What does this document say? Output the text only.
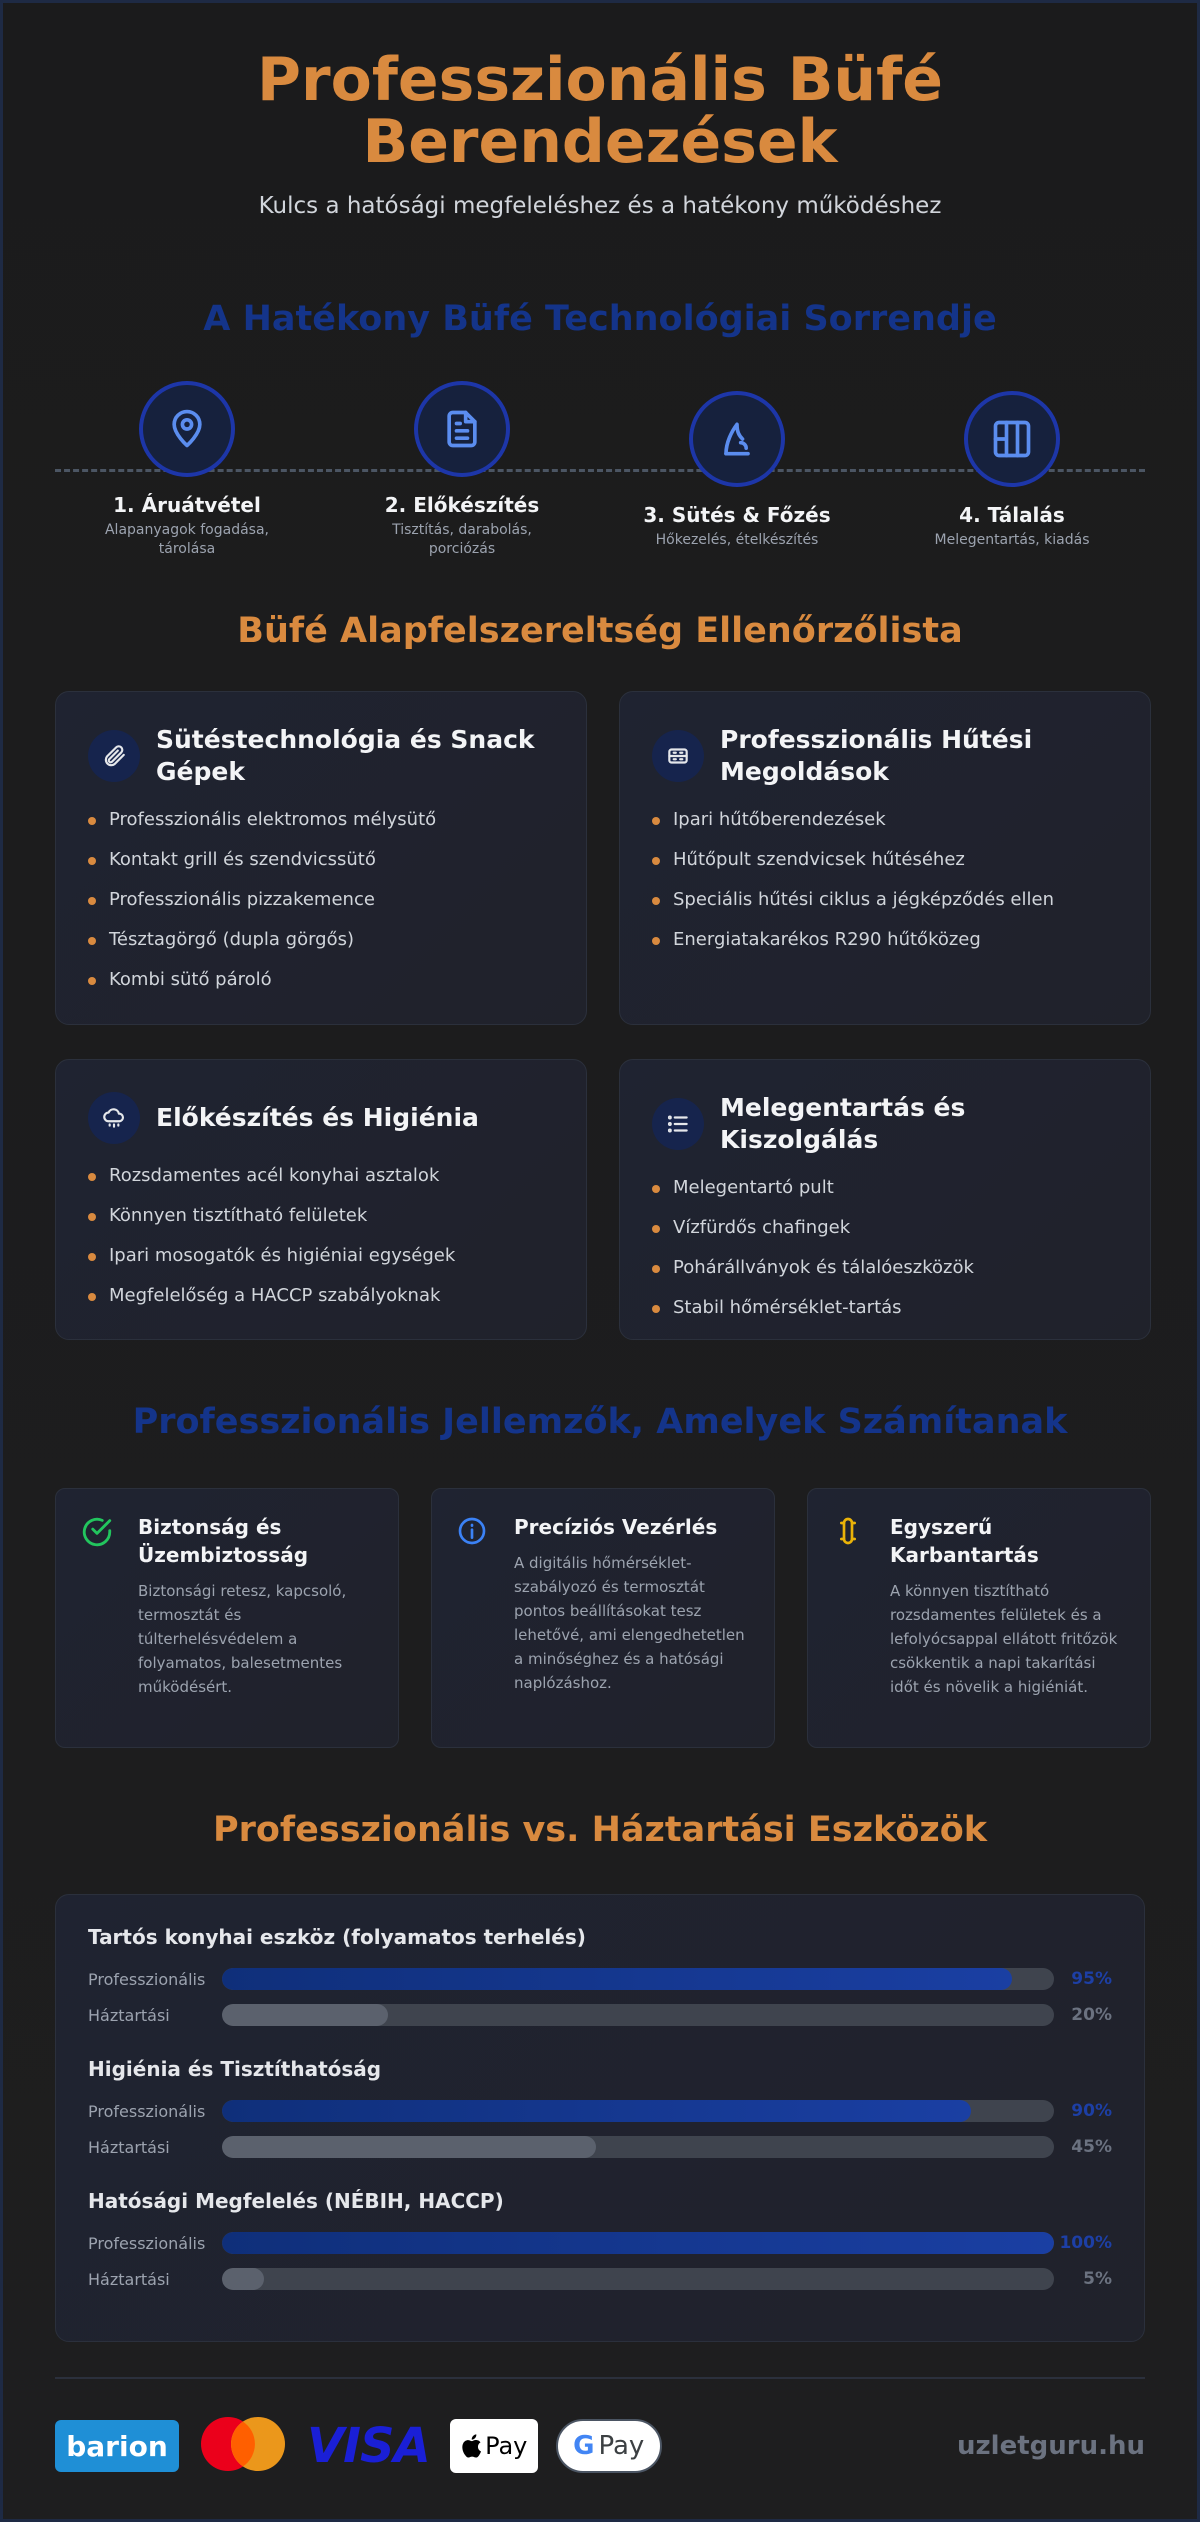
Professzionális Büfé Berendezések
Kulcs a hatósági megfeleléshez és a hatékony működéshez
A Hatékony Büfé Technológiai Sorrendje
1. Áruátvétel
Alapanyagok fogadása, tárolása
2. Előkészítés
Tisztítás, darabolás, porciózás
3. Sütés & Főzés
Hőkezelés, ételkészítés
4. Tálalás
Melegentartás, kiadás
Büfé Alapfelszereltség Ellenőrzőlista
Sütéstechnológia és Snack Gépek
Professzionális elektromos mélysütő
Kontakt grill és szendvicssütő
Professzionális pizzakemence
Tésztagörgő (dupla görgős)
Kombi sütő pároló
Professzionális Hűtési Megoldások
Ipari hűtőberendezések
Hűtőpult szendvicsek hűtéséhez
Speciális hűtési ciklus a jégképződés ellen
Energiatakarékos R290 hűtőközeg
Előkészítés és Higiénia
Rozsdamentes acél konyhai asztalok
Könnyen tisztítható felületek
Ipari mosogatók és higiéniai egységek
Megfelelőség a HACCP szabályoknak
Melegentartás és Kiszolgálás
Melegentartó pult
Vízfürdős chafingek
Pohárállványok és tálalóeszközök
Stabil hőmérséklet-tartás
Professzionális Jellemzők, Amelyek Számítanak
Biztonság és Üzembiztosság
Biztonsági retesz, kapcsoló, termosztát és túlterhelésvédelem a folyamatos, balesetmentes működésért.
Precíziós Vezérlés
A digitális hőmérséklet-szabályozó és termosztát pontos beállításokat tesz lehetővé, ami elengedhetetlen a minőséghez és a hatósági naplózáshoz.
Egyszerű Karbantartás
A könnyen tisztítható rozsdamentes felületek és a lefolyócsappal ellátott fritőzök csökkentik a napi takarítási időt és növelik a higiéniát.
Professzionális vs. Háztartási Eszközök
Tartós konyhai eszköz (folyamatos terhelés)
Professzionális	95%
Háztartási	20%
Higiénia és Tisztíthatóság
Professzionális	90%
Háztartási	45%
Hatósági Megfelelés (NÉBIH, HACCP)
Professzionális	100%
Háztartási	5%
barion	VISA Pay G Pay	uzletguru.hu
